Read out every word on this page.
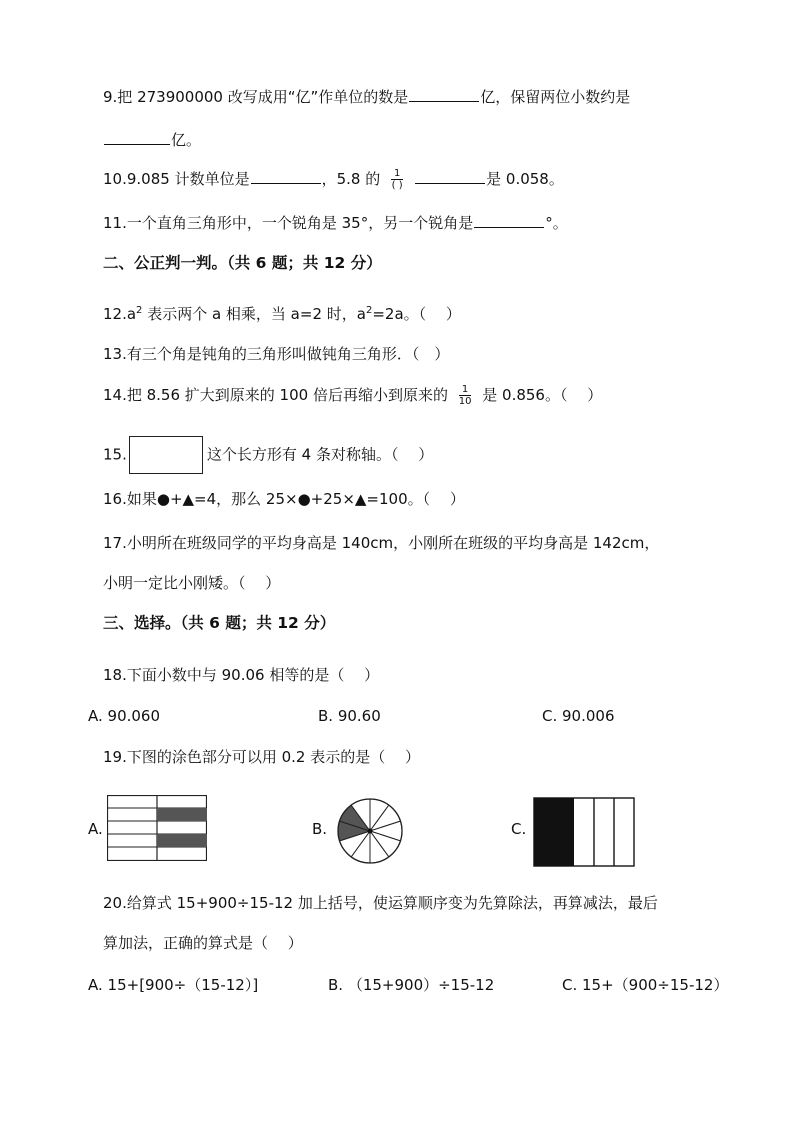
9.把 273900000 改写成用“亿”作单位的数是	亿，保留两位小数约是
亿。
10.9.085 计数单位是	，5.8 的 $\frac{1}{( )}$	是 0.058。
11.一个直角三角形中，一个锐角是 35°，另一个锐角是	°。
二、公正判一判。（共 6 题；共 12 分）
$12.a^2$ 表示两个 a 相乘，当 a=2 时，$a^2=2a$。（　 ）
13.有三个角是钝角的三角形叫做钝角三角形．（　）
14.把 8.56 扩大到原来的 100 倍后再缩小到原来的 $\frac{1}{10}$ 是 0.856。（　 ）
15.	这个长方形有 4 条对称轴。（　 ）
16.如果●+▲=4，那么 25×●+25×▲=100。（　 ）
17.小明所在班级同学的平均身高是 140cm，小刚所在班级的平均身高是 142cm，
小明一定比小刚矮。（　 ）
三、选择。（共 6 题；共 12 分）
18.下面小数中与 90.06 相等的是（　 ）
A. 90.060	B. 90.60	C. 90.006
19.下图的涂色部分可以用 0.2 表示的是（　 ）
A.	B.	C.
20.给算式 15+900÷15-12 加上括号，使运算顺序变为先算除法，再算减法，最后
算加法，正确的算式是（　 ）
A. 15+[900÷（15-12）]	B. （15+900）÷15-12	C. 15+（900÷15-12）
